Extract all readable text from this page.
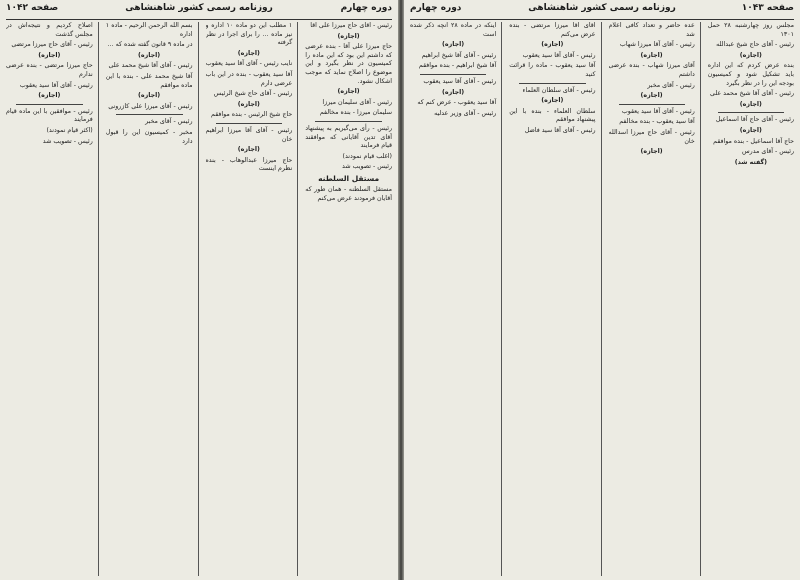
دوره چهارم
روزنامه رسمی کشور شاهنشاهی
صفحه ۱۰۴۲

رئیس - آقای حاج میرزا علی آقا

(اجازه)

حاج میرزا علی آقا - بنده عرضی که داشتم این بود که این ماده را کمیسیون در نظر بگیرد و این موضوع را اصلاح نماید که موجب اشکال نشود.

(اجازه)

رئیس - آقای سلیمان میرزا

سلیمان میرزا - بنده مخالفم

رئیس - رأی می‌گیریم به پیشنهاد آقای تدین آقایانی که موافقند قیام فرمایند

(اغلب قیام نمودند)

رئیس - تصویب شد

مستقل السلطنه

مستقل السلطنه - همان طور که آقایان فرمودند عرض می‌کنم

۱ مطلب این دو ماده ۱۰ اداره و نیز ماده ... را برای اجرا در نظر گرفته

(اجازه)

نایب رئیس - آقای آقا سید یعقوب

آقا سید یعقوب - بنده در این باب عرضی دارم

رئیس - آقای حاج شیخ الرئیس

(اجازه)

حاج شیخ الرئیس - بنده موافقم

رئیس - آقای آقا میرزا ابراهیم خان

(اجازه)

حاج میرزا عبدالوهاب - بنده نظرم اینست

بسم الله الرحمن الرحیم - ماده ۱ اداره

در ماده ۹ قانون گفته شده که ...

(اجازه)

رئیس - آقای آقا شیخ محمد علی

آقا شیخ محمد علی - بنده با این ماده موافقم

(اجازه)

رئیس - آقای میرزا علی کازرونی

رئیس - آقای مخبر

مخبر - کمیسیون این را قبول دارد

اصلاح کردیم و نتیجه‌اش در مجلس گذشت

رئیس - آقای حاج میرزا مرتضی

(اجازه)

حاج میرزا مرتضی - بنده عرضی ندارم

رئیس - آقای آقا سید یعقوب

(اجازه)

رئیس - موافقین با این ماده قیام فرمایند

(اکثر قیام نمودند)

رئیس - تصویب شد

صفحه ۱۰۴۳
روزنامه رسمی کشور شاهنشاهی
دوره چهارم

مجلس روز چهارشنبه ۲۸ حمل ۱۳۰۱

رئیس - آقای حاج شیخ عبدالله

(اجازه)

بنده عرض کردم که این اداره باید تشکیل شود و کمیسیون بودجه این را در نظر بگیرد

رئیس - آقای آقا شیخ محمد علی

(اجازه)

رئیس - آقای حاج آقا اسماعیل

(اجازه)

حاج آقا اسماعیل - بنده موافقم

رئیس - آقای مدرس

(گفته شد)

عده حاضر و تعداد کافی اعلام شد

رئیس - آقای آقا میرزا شهاب

(اجازه)

آقای میرزا شهاب - بنده عرضی داشتم

رئیس - آقای مخبر

(اجازه)

رئیس - آقای آقا سید یعقوب

آقا سید یعقوب - بنده مخالفم

رئیس - آقای حاج میرزا اسدالله خان

(اجازه)

آقای آقا میرزا مرتضی - بنده عرض می‌کنم

(اجازه)

رئیس - آقای آقا سید یعقوب

آقا سید یعقوب - ماده را قرائت کنید

رئیس - آقای سلطان العلماء

(اجازه)

سلطان العلماء - بنده با این پیشنهاد موافقم

رئیس - آقای آقا سید فاضل

اینکه در ماده ۲۸ آنچه ذکر شده است

(اجازه)

رئیس - آقای آقا شیخ ابراهیم

آقا شیخ ابراهیم - بنده موافقم

رئیس - آقای آقا سید یعقوب

(اجازه)

آقا سید یعقوب - عرض کنم که

رئیس - آقای وزیر عدلیه
